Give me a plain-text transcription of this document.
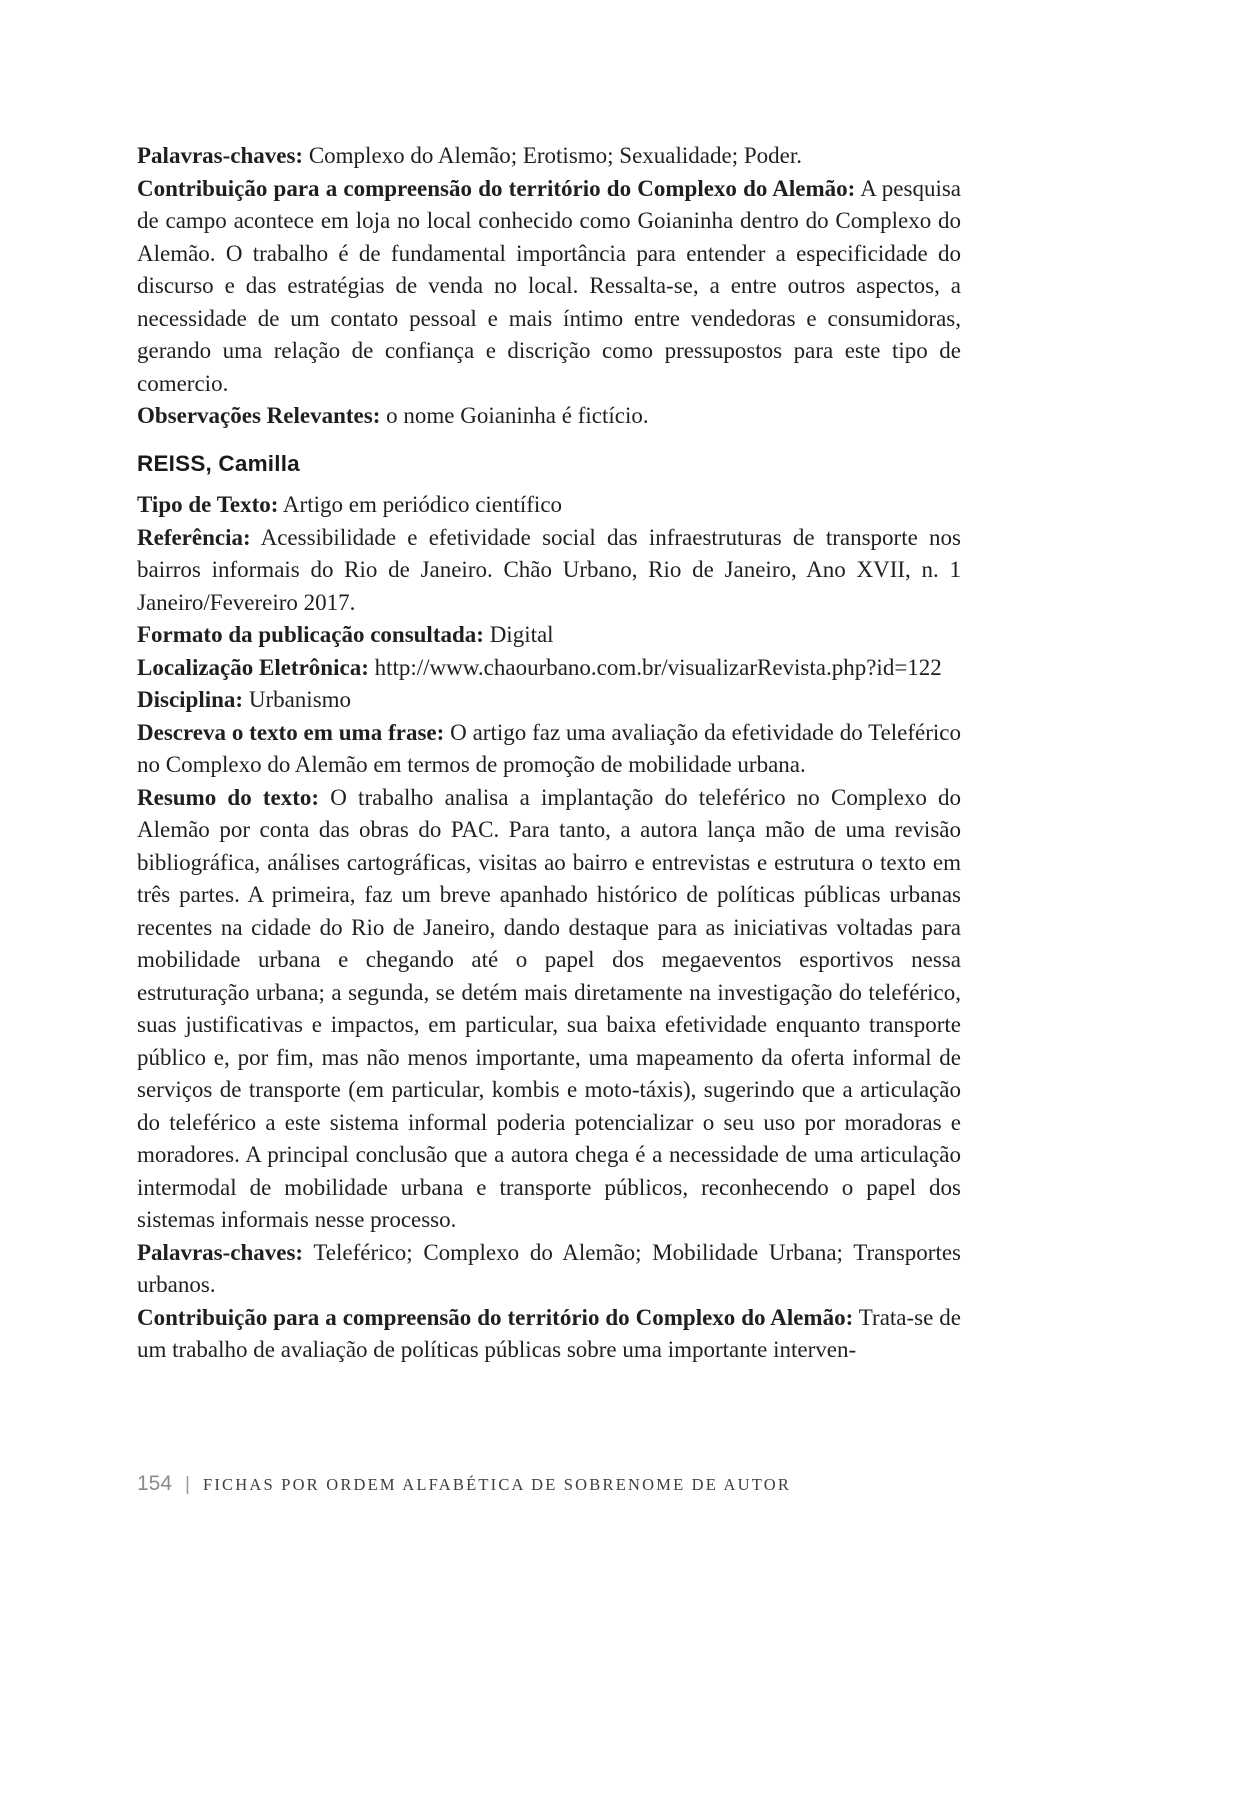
Palavras-chaves: Complexo do Alemão; Erotismo; Sexualidade; Poder.

Contribuição para a compreensão do território do Complexo do Alemão: A pesquisa de campo acontece em loja no local conhecido como Goianinha dentro do Complexo do Alemão. O trabalho é de fundamental importância para entender a especificidade do discurso e das estratégias de venda no local. Ressalta-se, a entre outros aspectos, a necessidade de um contato pessoal e mais íntimo entre vendedoras e consumidoras, gerando uma relação de confiança e discrição como pressupostos para este tipo de comercio.

Observações Relevantes: o nome Goianinha é fictício.

REISS, Camilla

Tipo de Texto: Artigo em periódico científico

Referência: Acessibilidade e efetividade social das infraestruturas de transporte nos bairros informais do Rio de Janeiro. Chão Urbano, Rio de Janeiro, Ano XVII, n. 1 Janeiro/Fevereiro 2017.

Formato da publicação consultada: Digital

Localização Eletrônica: http://www.chaourbano.com.br/visualizarRevista.php?id=122

Disciplina: Urbanismo

Descreva o texto em uma frase: O artigo faz uma avaliação da efetividade do Teleférico no Complexo do Alemão em termos de promoção de mobilidade urbana.

Resumo do texto: O trabalho analisa a implantação do teleférico no Complexo do Alemão por conta das obras do PAC. Para tanto, a autora lança mão de uma revisão bibliográfica, análises cartográficas, visitas ao bairro e entrevistas e estrutura o texto em três partes. A primeira, faz um breve apanhado histórico de políticas públicas urbanas recentes na cidade do Rio de Janeiro, dando destaque para as iniciativas voltadas para mobilidade urbana e chegando até o papel dos megaeventos esportivos nessa estruturação urbana; a segunda, se detém mais diretamente na investigação do teleférico, suas justificativas e impactos, em particular, sua baixa efetividade enquanto transporte público e, por fim, mas não menos importante, uma mapeamento da oferta informal de serviços de transporte (em particular, kombis e moto-táxis), sugerindo que a articulação do teleférico a este sistema informal poderia potencializar o seu uso por moradoras e moradores. A principal conclusão que a autora chega é a necessidade de uma articulação intermodal de mobilidade urbana e transporte públicos, reconhecendo o papel dos sistemas informais nesse processo.

Palavras-chaves: Teleférico; Complexo do Alemão; Mobilidade Urbana; Transportes urbanos.

Contribuição para a compreensão do território do Complexo do Alemão: Trata-se de um trabalho de avaliação de políticas públicas sobre uma importante interven-

154 | FICHAS POR ORDEM ALFABÉTICA DE SOBRENOME DE AUTOR
